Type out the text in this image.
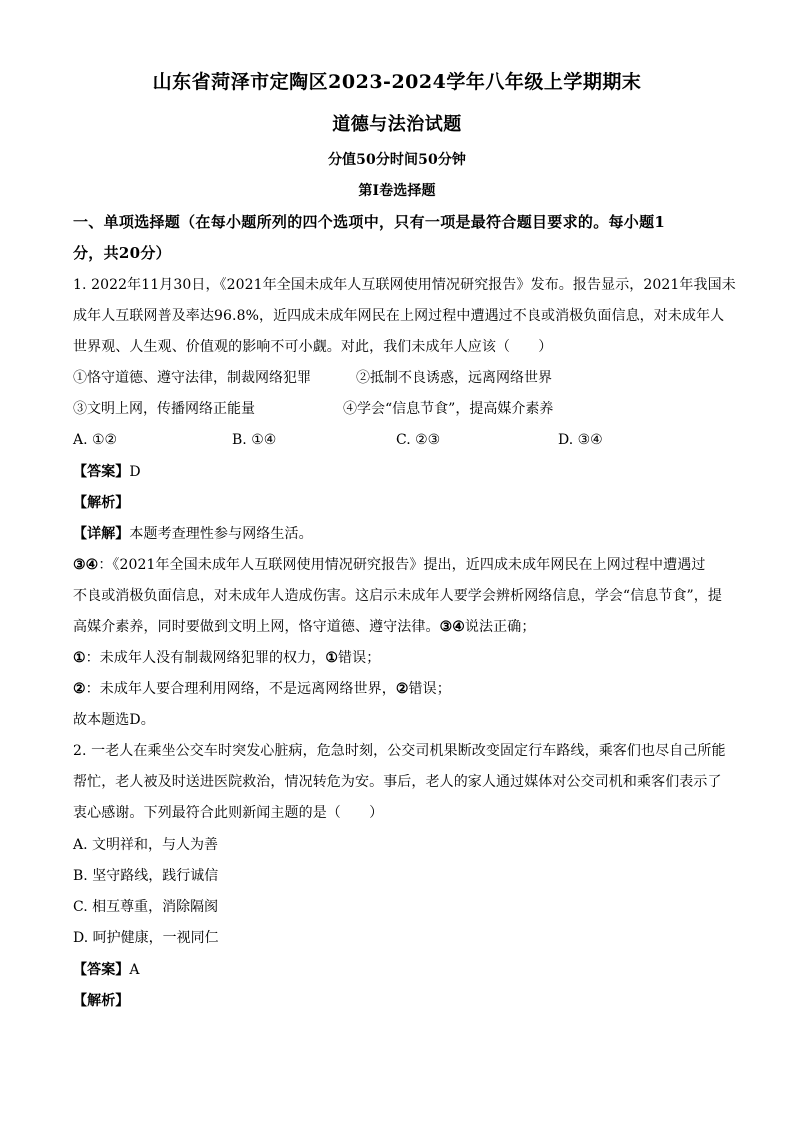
山东省菏泽市定陶区2023-2024学年八年级上学期期末
道德与法治试题
分值50分时间50分钟
第I卷选择题
一、单项选择题（在每小题所列的四个选项中，只有一项是最符合题目要求的。每小题1
分，共20分）
1. 2022年11月30日，《2021年全国未成年人互联网使用情况研究报告》发布。报告显示，2021年我国未
成年人互联网普及率达96.8%，近四成未成年网民在上网过程中遭遇过不良或消极负面信息，对未成年人
世界观、人生观、价值观的影响不可小觑。对此，我们未成年人应该（　　）
①恪守道德、遵守法律，制裁网络犯罪	②抵制不良诱惑，远离网络世界
③文明上网，传播网络正能量	④学会“信息节食”，提高媒介素养
A. ①②	B. ①④	C. ②③	D. ③④
【答案】D
【解析】
【详解】本题考查理性参与网络生活。
③④：《2021年全国未成年人互联网使用情况研究报告》提出，近四成未成年网民在上网过程中遭遇过
不良或消极负面信息，对未成年人造成伤害。这启示未成年人要学会辨析网络信息，学会“信息节食”，提
高媒介素养，同时要做到文明上网，恪守道德、遵守法律。③④说法正确；
①：未成年人没有制裁网络犯罪的权力，①错误；
②：未成年人要合理利用网络，不是远离网络世界，②错误；
故本题选D。
2. 一老人在乘坐公交车时突发心脏病，危急时刻，公交司机果断改变固定行车路线，乘客们也尽自己所能
帮忙，老人被及时送进医院救治，情况转危为安。事后，老人的家人通过媒体对公交司机和乘客们表示了
衷心感谢。下列最符合此则新闻主题的是（　　）
A. 文明祥和，与人为善
B. 坚守路线，践行诚信
C. 相互尊重，消除隔阂
D. 呵护健康，一视同仁
【答案】A
【解析】
